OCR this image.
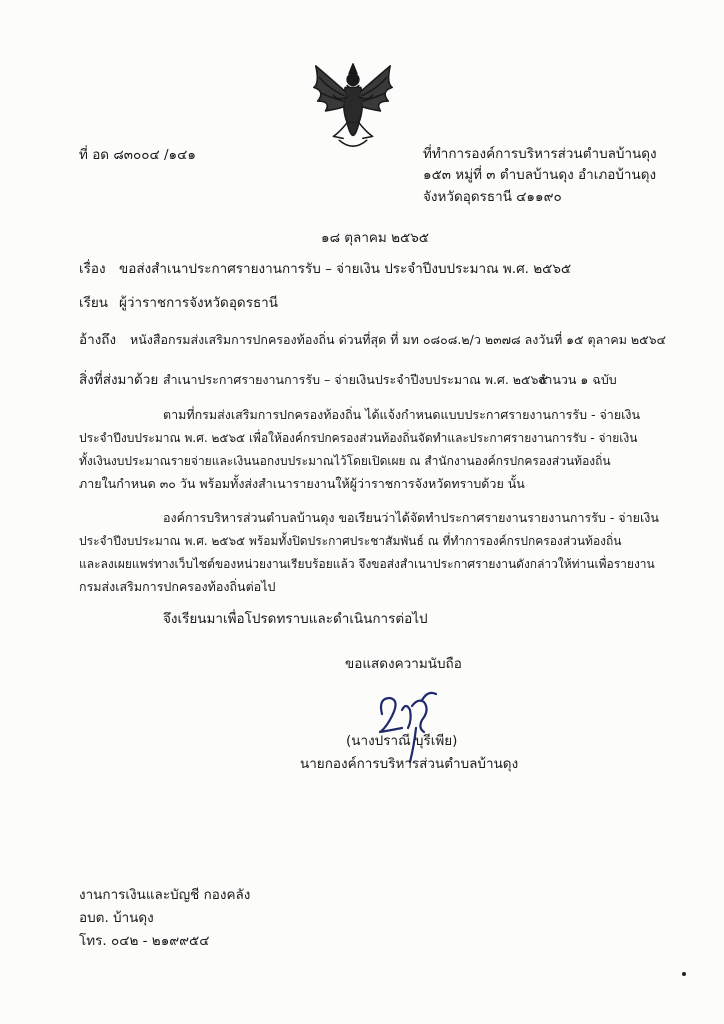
ที่ อด ๘๓๐๐๔ /๑๔๑	ที่ทำการองค์การบริหารส่วนตำบลบ้านดุง
๑๕๓ หมู่ที่ ๓ ตำบลบ้านดุง อำเภอบ้านดุง
จังหวัดอุดรธานี ๔๑๑๙๐
๑๘ ตุลาคม ๒๕๖๕
เรื่อง ขอส่งสำเนาประกาศรายงานการรับ – จ่ายเงิน ประจำปีงบประมาณ พ.ศ. ๒๕๖๕
เรียน ผู้ว่าราชการจังหวัดอุดรธานี
อ้างถึง หนังสือกรมส่งเสริมการปกครองท้องถิ่น ด่วนที่สุด ที่ มท ๐๘๐๘.๒/ว ๒๓๗๘ ลงวันที่ ๑๕ ตุลาคม ๒๕๖๔
สิ่งที่ส่งมาด้วย สำเนาประกาศรายงานการรับ – จ่ายเงินประจำปีงบประมาณ พ.ศ. ๒๕๖๕
จำนวน ๑ ฉบับ
ตามที่กรมส่งเสริมการปกครองท้องถิ่น ได้แจ้งกำหนดแบบประกาศรายงานการรับ - จ่ายเงิน
ประจำปีงบประมาณ พ.ศ. ๒๕๖๕ เพื่อให้องค์กรปกครองส่วนท้องถิ่นจัดทำและประกาศรายงานการรับ - จ่ายเงิน
ทั้งเงินงบประมาณรายจ่ายและเงินนอกงบประมาณไว้โดยเปิดเผย ณ สำนักงานองค์กรปกครองส่วนท้องถิ่น
ภายในกำหนด ๓๐ วัน พร้อมทั้งส่งสำเนารายงานให้ผู้ว่าราชการจังหวัดทราบด้วย นั้น
องค์การบริหารส่วนตำบลบ้านดุง ขอเรียนว่าได้จัดทำประกาศรายงานรายงานการรับ - จ่ายเงิน
ประจำปีงบประมาณ พ.ศ. ๒๕๖๕ พร้อมทั้งปิดประกาศประชาสัมพันธ์ ณ ที่ทำการองค์กรปกครองส่วนท้องถิ่น
และลงเผยแพร่ทางเว็บไซต์ของหน่วยงานเรียบร้อยแล้ว จึงขอส่งสำเนาประกาศรายงานดังกล่าวให้ท่านเพื่อรายงาน
กรมส่งเสริมการปกครองท้องถิ่นต่อไป
จึงเรียนมาเพื่อโปรดทราบและดำเนินการต่อไป
ขอแสดงความนับถือ
(นางปราณี บุรีเพีย)
นายกองค์การบริหารส่วนตำบลบ้านดุง
งานการเงินและบัญชี กองคลัง
อบต. บ้านดุง
โทร. ๐๔๒ - ๒๑๙๙๕๔
